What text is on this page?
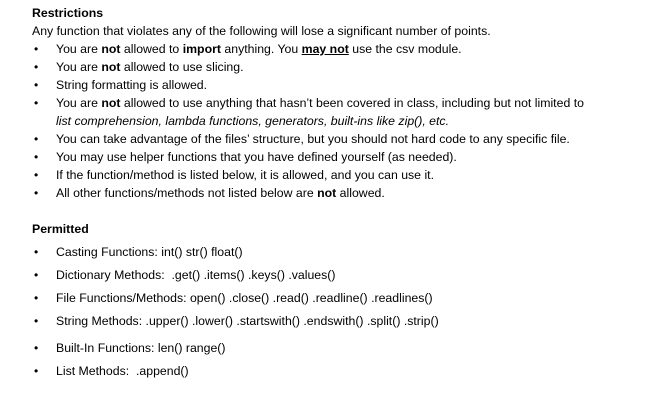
Restrictions
Any function that violates any of the following will lose a significant number of points.
• You are not allowed to import anything. You may not use the csv module.
• You are not allowed to use slicing.
• String formatting is allowed.
• You are not allowed to use anything that hasn’t been covered in class, including but not limited to
list comprehension, lambda functions, generators, built-ins like zip(), etc.
• You can take advantage of the files’ structure, but you should not hard code to any specific file.
• You may use helper functions that you have defined yourself (as needed).
• If the function/method is listed below, it is allowed, and you can use it.
• All other functions/methods not listed below are not allowed.
Permitted
• Casting Functions: int() str() float()
• Dictionary Methods:  .get() .items() .keys() .values()
• File Functions/Methods: open() .close() .read() .readline() .readlines()
• String Methods: .upper() .lower() .startswith() .endswith() .split() .strip()
• Built-In Functions: len() range()
• List Methods:  .append()
